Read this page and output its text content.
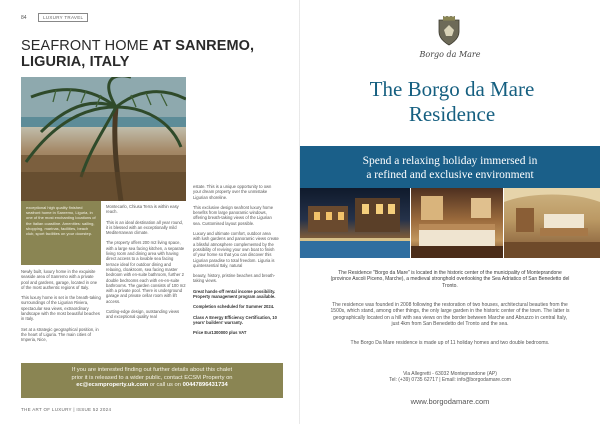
84	LUXURY TRAVEL
SEAFRONT HOME AT SANREMO,
LIGURIA, ITALY
exceptional high quality finished seafront home in Sanremo, Liguria, in one of the most enchanting locations of the Italian coastline. Amenities: sailing, shopping, marinas, facilities, beach club, sport facilities on your doorstep.

Newly built, luxury home in the exquisite seaside area of Sanremo with a private pool and gardens, garage, located in one of the most authentic regions of Italy.

This luxury home is set in the breath-taking surroundings of the Ligurian Riviera, spectacular sea views, extraordinary landscape with the most beautiful beaches in Italy.

Set at a strategic geographical position, in the heart of Liguria. The main cities of Imperia, Nice,

Montecarlo, Chiusa Terra is within easy reach.

This is an ideal destination all year round, it is blessed with an exceptionally mild Mediterranean climate.

The property offers 200 m2 living space, with a large sea facing kitchen, a separate living room and dining area with having direct access to a lovable sea facing terrace ideal for outdoor dining and relaxing, cloakroom, sea facing master bedroom with en-suite bathroom, further 2 double bedrooms each with en-en-suite bathrooms. The garden consists of 100 m2 with a private pool. There is underground garage and private cellar room with lift access.

Cutting-edge design, outstanding views and exceptional quality real

estate. This is a unique opportunity to own your dream property over the unmistake Ligurian shoreline.

This exclusive design seafront luxury home benefits from large panoramic windows, offering breath-taking views of the Ligurian sea. Customised layout possible.

Luxury and ultimate comfort, outdoor area with lush gardens and panoramic views create a blissful atmosphere complemented by the possibility of reviving your own boat to finish of your home so that you can discover this Ligurian paradise to total freedom. Liguria is quintessential Italy, natural

beauty, history, pristine beaches and breath-taking views.

Great hands-off rental income possibility. Property management program available.

Completion scheduled for Summer 2024.

Class A Energy Efficiency Certification, 10 years' builders' warranty.

Price Eur1300000 plus VAT

If you are interested finding out further details about this chalet
prior it is released to a wider public, contact ECSM Property on
ec@ecsmproperty.uk.com or call us on 00447896431734
THE ART OF LUXURY | ISSUE 52 2024
Borgo da Mare
The Borgo da Mare
Residence
Spend a relaxing holiday immersed in
a refined and exclusive environment
The Residence "Borgo da Mare" is located in the historic center of the municipality of Monteprandone (province Ascoli Piceno, Marche), a medieval stronghold overlooking the Sea Adriatico of San Benedetto del Tronto.
The residence was founded in 2008 following the restoration of two houses, architectural beauties from the 1500s, which stand, among other things, the only large garden in the historic center of the town. The latter is geographically located on a hill with sea views on the border between Marche and Abruzzo in central Italy, just 4km from San Benedetto del Tronto and the sea.
The Borgo Da Mare residence is made up of 11 holiday homes and two double bedrooms.
Via Allegretti - 63032 Monteprandone (AP)
Tel: (+39) 0735 62717 | Email: info@borgodamare.com
www.borgodamare.com
